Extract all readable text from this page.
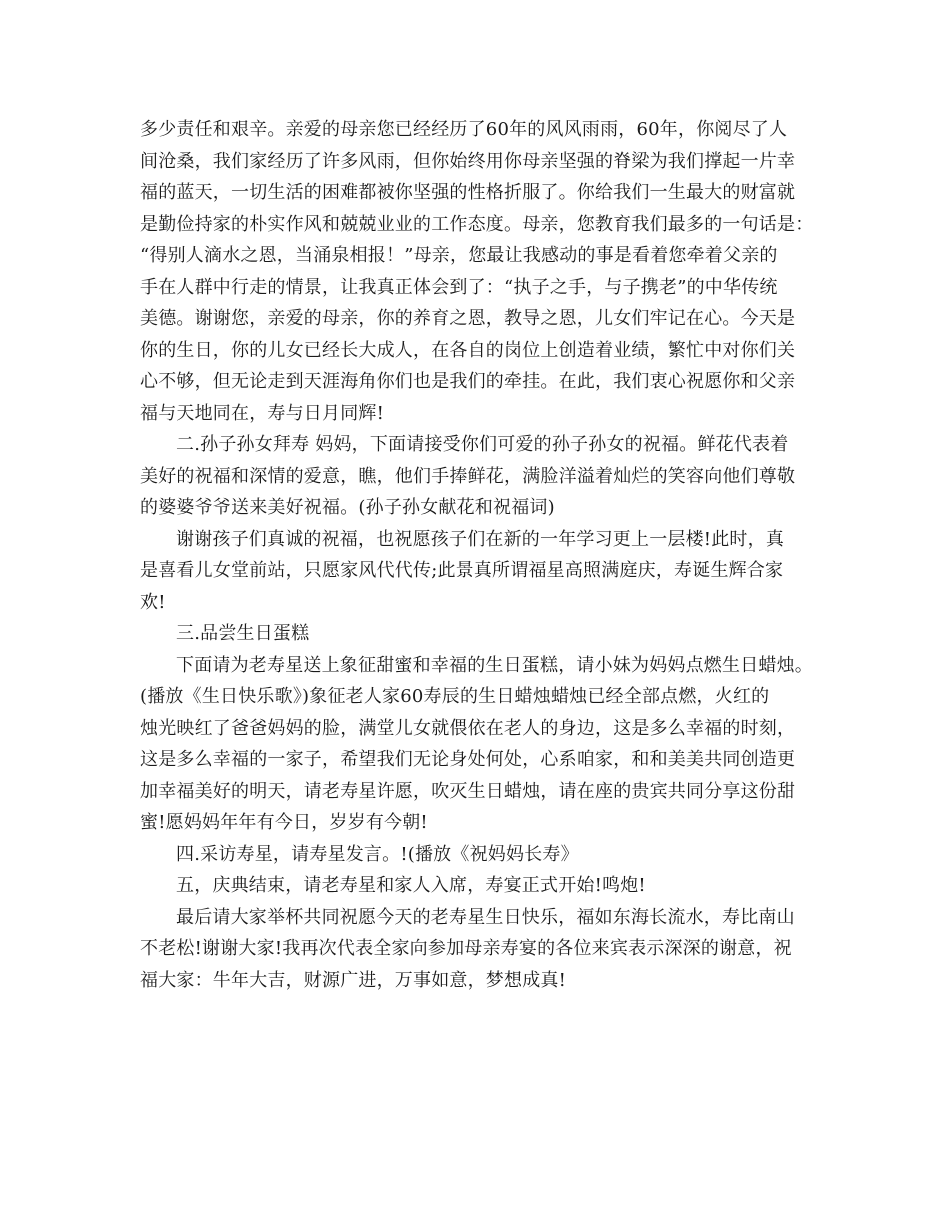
多少责任和艰辛。亲爱的母亲您已经经历了60年的风风雨雨，60年，你阅尽了人
间沧桑，我们家经历了许多风雨，但你始终用你母亲坚强的脊梁为我们撑起一片幸
福的蓝天，一切生活的困难都被你坚强的性格折服了。你给我们一生最大的财富就
是勤俭持家的朴实作风和兢兢业业的工作态度。母亲，您教育我们最多的一句话是：
“得别人滴水之恩，当涌泉相报！”母亲，您最让我感动的事是看着您牵着父亲的
手在人群中行走的情景，让我真正体会到了：“执子之手，与子携老”的中华传统
美德。谢谢您，亲爱的母亲，你的养育之恩，教导之恩，儿女们牢记在心。今天是
你的生日，你的儿女已经长大成人，在各自的岗位上创造着业绩，繁忙中对你们关
心不够，但无论走到天涯海角你们也是我们的牵挂。在此，我们衷心祝愿你和父亲
福与天地同在，寿与日月同辉!
二.孙子孙女拜寿 妈妈，下面请接受你们可爱的孙子孙女的祝福。鲜花代表着
美好的祝福和深情的爱意，瞧，他们手捧鲜花，满脸洋溢着灿烂的笑容向他们尊敬
的婆婆爷爷送来美好祝福。(孙子孙女献花和祝福词)
谢谢孩子们真诚的祝福，也祝愿孩子们在新的一年学习更上一层楼!此时，真
是喜看儿女堂前站，只愿家风代代传;此景真所谓福星高照满庭庆，寿诞生辉合家
欢!
三.品尝生日蛋糕
下面请为老寿星送上象征甜蜜和幸福的生日蛋糕，请小妹为妈妈点燃生日蜡烛。
(播放《生日快乐歌》)象征老人家60寿辰的生日蜡烛蜡烛已经全部点燃，火红的
烛光映红了爸爸妈妈的脸，满堂儿女就偎依在老人的身边，这是多么幸福的时刻，
这是多么幸福的一家子，希望我们无论身处何处，心系咱家，和和美美共同创造更
加幸福美好的明天，请老寿星许愿，吹灭生日蜡烛，请在座的贵宾共同分享这份甜
蜜!愿妈妈年年有今日，岁岁有今朝!
四.采访寿星，请寿星发言。!(播放《祝妈妈长寿》
五，庆典结束，请老寿星和家人入席，寿宴正式开始!鸣炮!
最后请大家举杯共同祝愿今天的老寿星生日快乐，福如东海长流水，寿比南山
不老松!谢谢大家!我再次代表全家向参加母亲寿宴的各位来宾表示深深的谢意，祝
福大家：牛年大吉，财源广进，万事如意，梦想成真!
